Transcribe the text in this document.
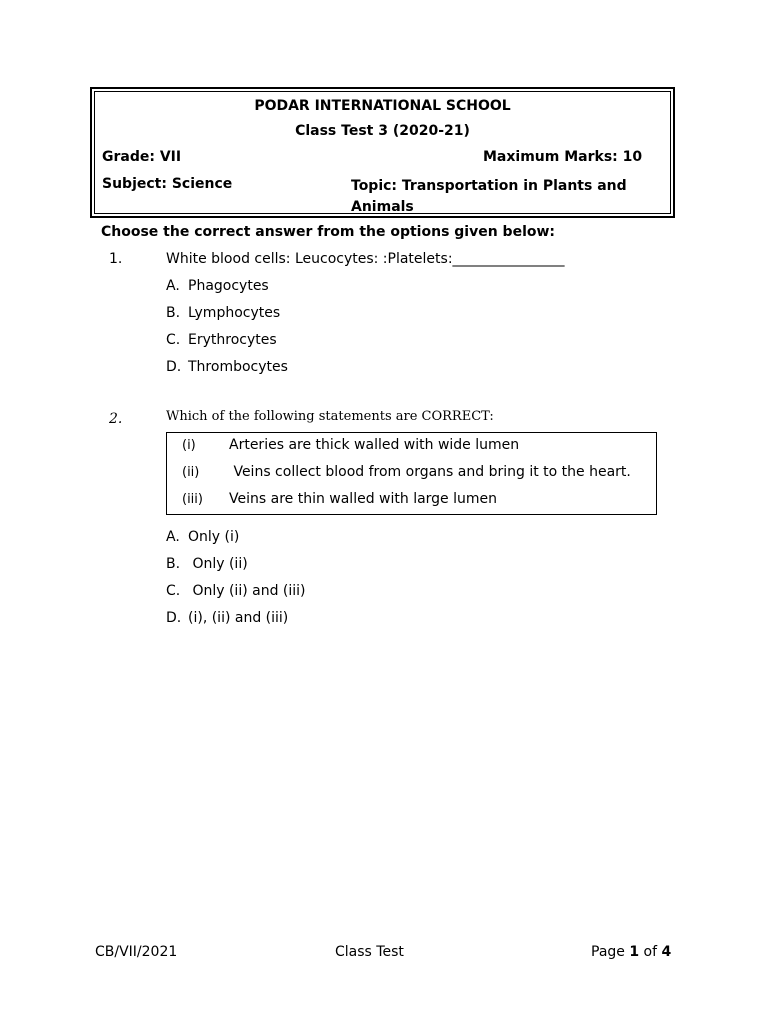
PODAR INTERNATIONAL SCHOOL
Class Test 3 (2020-21)
Grade: VII	Maximum Marks: 10
Subject: Science	Topic: Transportation in Plants and Animals
Choose the correct answer from the options given below:
1.	White blood cells: Leucocytes: :Platelets:________________
A. Phagocytes
B. Lymphocytes
C. Erythrocytes
D. Thrombocytes
2.	Which of the following statements are CORRECT:
(i) Arteries are thick walled with wide lumen
(ii) Veins collect blood from organs and bring it to the heart.
(iii) Veins are thin walled with large lumen
A. Only (i)
B. Only (ii)
C. Only (ii) and (iii)
D. (i), (ii) and (iii)
CB/VII/2021	Class Test	Page 1 of 4
